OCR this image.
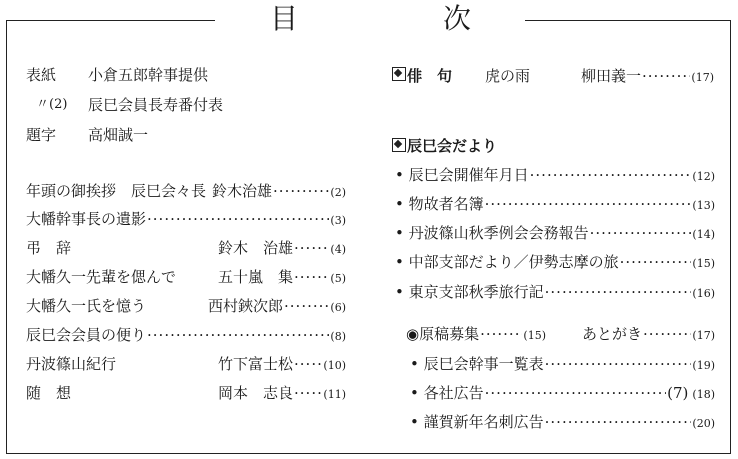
目	次
表紙 小倉五郎幹事提供
〃(2) 辰巳会員長寿番付表
題字 高畑誠一
年頭の御挨拶　辰巳会々長 鈴木治雄 ·····	( 2 )
大幡幹事長の遺影 ·····	( 3 )
弔　辞	鈴木　治雄 ·····	( 4 )
大幡久一先輩を偲んで	五十嵐　集 ·····	( 5 )
大幡久一氏を憶う	西村鋏次郎 ·····	( 6 )
辰巳会会員の便り ·····	( 8 )
丹波篠山紀行	竹下富士松 ·····	( 10 )
随　想	岡本　志良 ·····	( 11 )
俳　句	虎の雨	柳田義一 ·····	( 17 )
辰巳会だより
• 辰巳会開催年月日 ·····	( 12 )
• 物故者名簿 ·····	( 13 )
• 丹波篠山秋季例会会務報告 ·····	( 14 )
• 中部支部だより／伊勢志摩の旅 ·····	( 15 )
• 東京支部秋季旅行記 ·····	( 16 )
◉原稿募集 ·····	( 15 )	あとがき ·····	( 17 )
• 辰巳会幹事一覧表 ·····	( 19 )
• 各社広告 ·····	(7) ( 18 )
• 謹賀新年名刺広告 ·····	( 20 )
